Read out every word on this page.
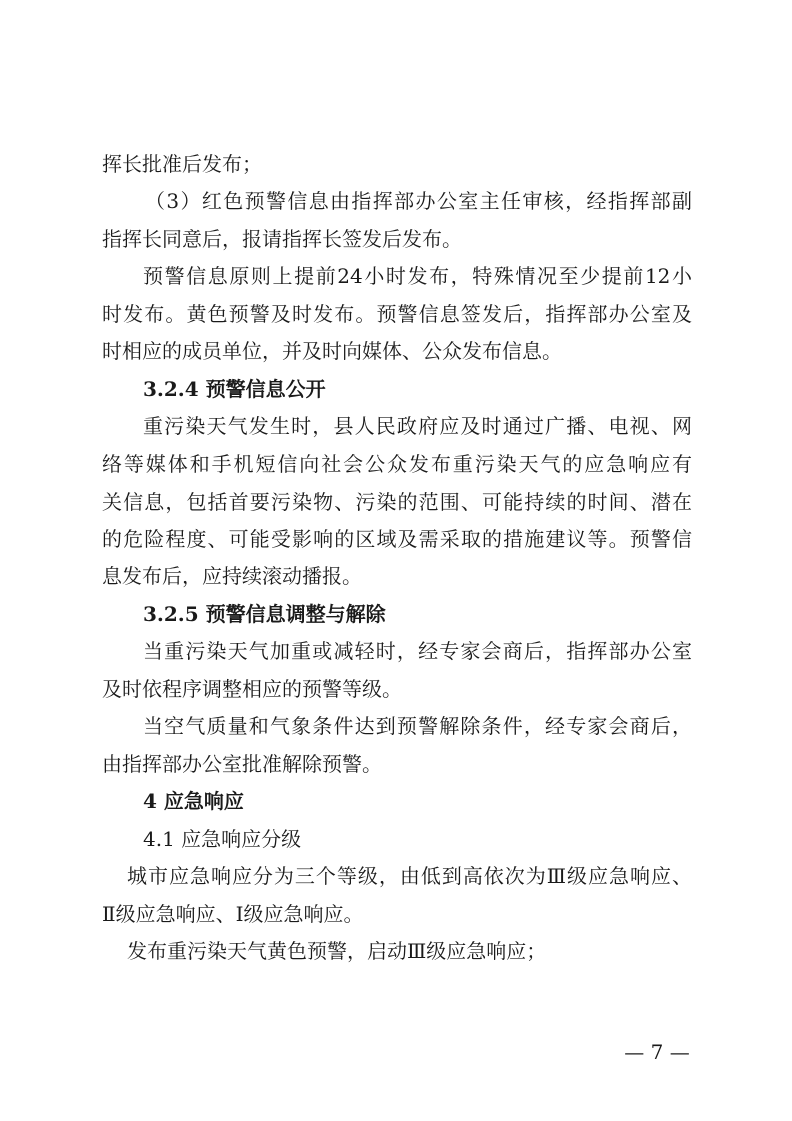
挥长批准后发布；
（3）红色预警信息由指挥部办公室主任审核，经指挥部副
指挥长同意后，报请指挥长签发后发布。
预警信息原则上提前24小时发布，特殊情况至少提前12小
时发布。黄色预警及时发布。预警信息签发后，指挥部办公室及
时相应的成员单位，并及时向媒体、公众发布信息。
3.2.4 预警信息公开
重污染天气发生时，县人民政府应及时通过广播、电视、网
络等媒体和手机短信向社会公众发布重污染天气的应急响应有
关信息，包括首要污染物、污染的范围、可能持续的时间、潜在
的危险程度、可能受影响的区域及需采取的措施建议等。预警信
息发布后，应持续滚动播报。
3.2.5 预警信息调整与解除
当重污染天气加重或减轻时，经专家会商后，指挥部办公室
及时依程序调整相应的预警等级。
当空气质量和气象条件达到预警解除条件，经专家会商后，
由指挥部办公室批准解除预警。
4 应急响应
4.1 应急响应分级
城市应急响应分为三个等级，由低到高依次为Ⅲ级应急响应、
Ⅱ级应急响应、Ⅰ级应急响应。
发布重污染天气黄色预警，启动Ⅲ级应急响应；
— 7 —
